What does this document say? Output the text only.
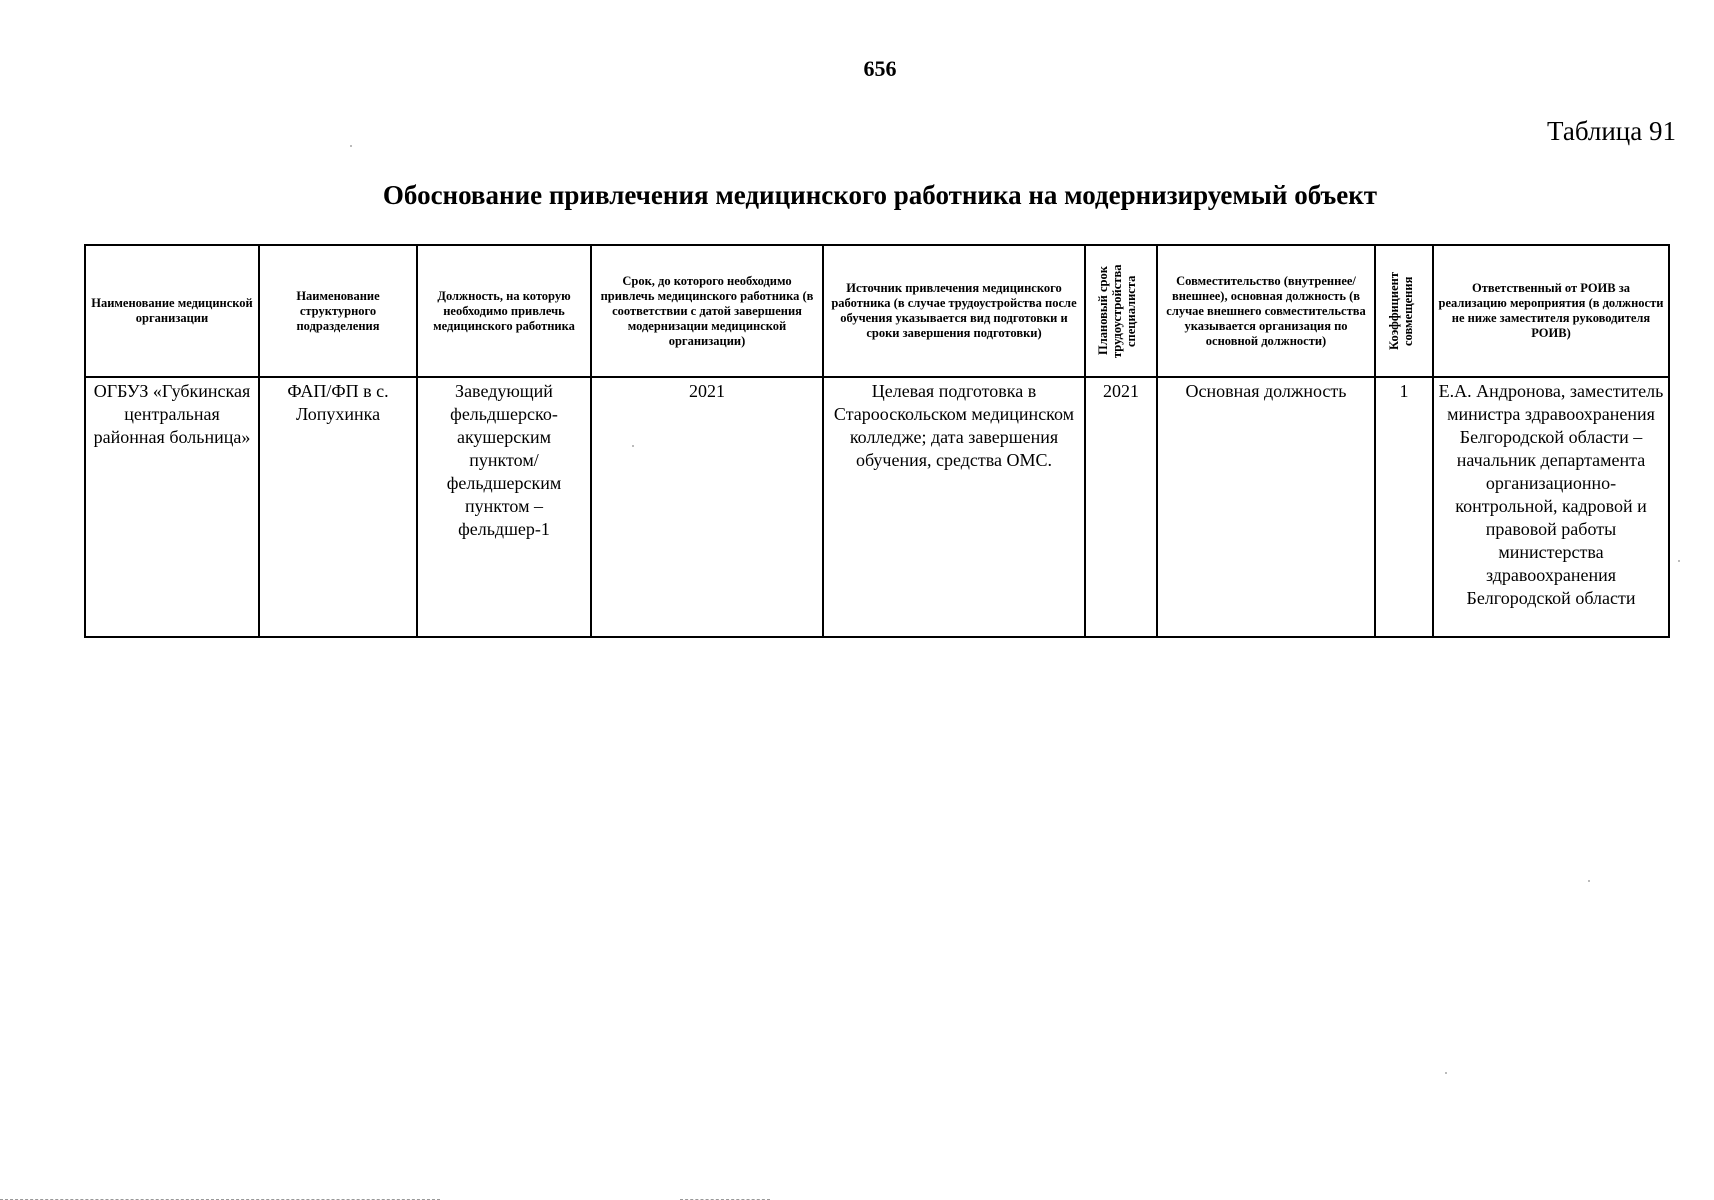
656
Таблица 91
Обоснование привлечения медицинского работника на модернизируемый объект
Наименование медицинской организации	Наименование структурного подразделения	Должность, на которую необходимо привлечь медицинского работника	Срок, до которого необходимо привлечь медицинского работника (в соответствии с датой завершения модернизации медицинской организации)	Источник привлечения медицинского работника (в случае трудоустройства после обучения указывается вид подготовки и сроки завершения подготовки)	Плановый срок трудоустройства специалиста	Совместительство (внутреннее/ внешнее), основная должность (в случае внешнего совместительства указывается организация по основной должности)	Коэффициент совмещения	Ответственный от РОИВ за реализацию мероприятия (в должности не ниже заместителя руководителя РОИВ)
ОГБУЗ «Губкинская центральная районная больница»	ФАП/ФП в с. Лопухинка	Заведующий фельдшерско-акушерским пунктом/фельдшерским пунктом – фельдшер-1	2021	Целевая подготовка в Старооскольском медицинском колледже; дата завершения обучения, средства ОМС.	2021	Основная должность	1	Е.А. Андронова, заместитель министра здравоохранения Белгородской области – начальник департамента организационно-контрольной, кадровой и правовой работы министерства здравоохранения Белгородской области
